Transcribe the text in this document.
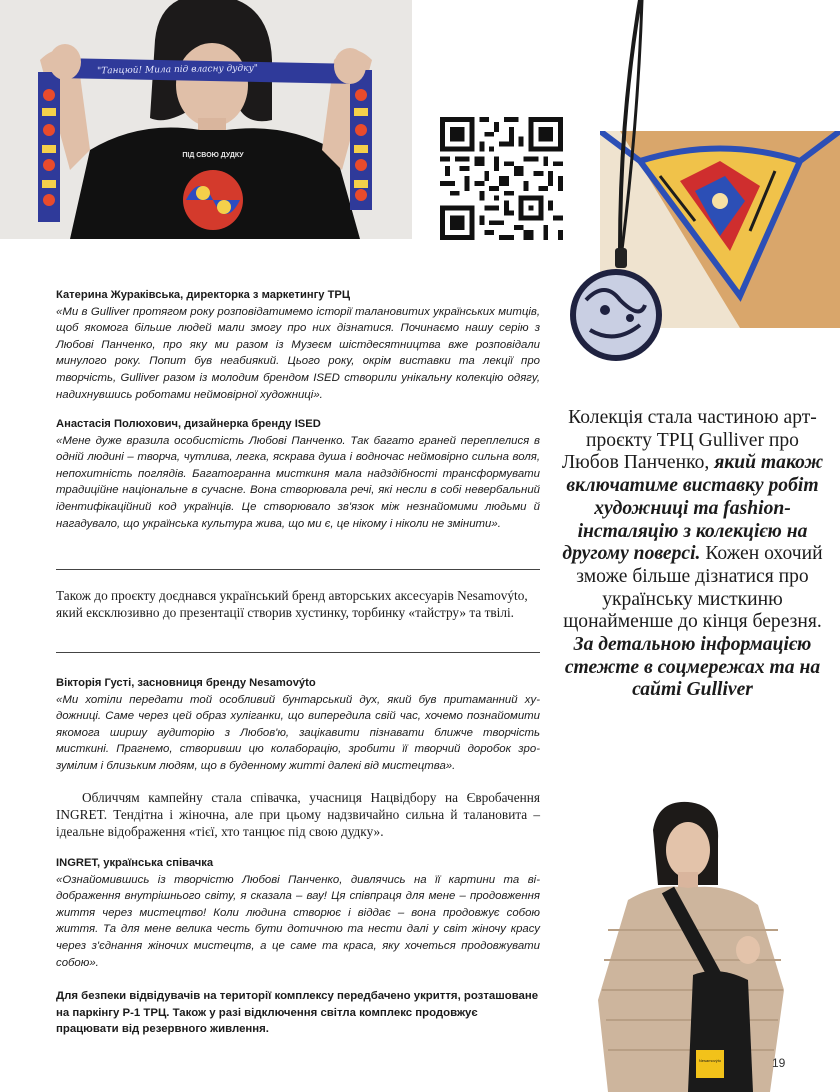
"Танцюй! Мила під власну дудку"
ПІД СВОЮ ДУДКУ
Катерина Жураківська, директорка з маркетингу ТРЦ
«Ми в Gulliver протягом року розповідатимемо історії талановитих українських митців, щоб якомога більше людей мали змогу про них дізнатися. Починаємо нашу серію з Любові Панченко, про яку ми разом із Музеєм шістдесятництва вже розповідали минулого року. Попит був неабиякий. Цього року, окрім виставки та лекції про творчість, Gulliver разом із молодим брендом ISED створили унікальну колекцію одягу, надихнувшись роботами неймовірної художниці».
Анастасія Полюхович, дизайнерка бренду ISED
«Мене дуже вразила особистість Любові Панченко. Так багато граней переплелися в одній людині – творча, чутлива, легка, яскрава душа і водночас неймовірно сильна воля, непохитність поглядів. Багатогранна мисткиня мала надздібності трансформувати традиційне національне в сучасне. Вона створювала речі, які несли в собі невербальний ідентифікаційний код українців. Це створювало зв'язок між незнайомими людьми й нагадувало, що українська культура жива, що ми є, це нікому і ніколи не змінити».
Також до проєкту доєднався український бренд авторських аксесуарів Nesamovýto, який ексклюзивно до презентації створив хустинку, торбинку «тайстру» та твілі.
Вікторія Густі, засновниця бренду Nesamovýto
«Ми хотіли передати той особливий бунтарський дух, який був притаманний художниці. Саме через цей образ хуліганки, що випередила свій час, хочемо познайомити якомога ширшу аудиторію з Любов'ю, зацікавити пізнавати ближче творчість мисткині. Прагнемо, створивши цю колаборацію, зробити її творчий доробок зрозумілим і близьким людям, що в буденному житті далекі від мистецтва».
Обличчям кампейну стала співачка, учасниця Нацвідбору на Євробачення INGRET. Тендітна і жіночна, але при цьому надзвичайно сильна й талановита – ідеальне відображення «тієї, хто танцює під свою дудку».
INGRET, українська співачка
«Ознайомившись із творчістю Любові Панченко, дивлячись на її картини та відображення внутрішнього світу, я сказала – вау! Ця співпраця для мене – продовження життя через мистецтво! Коли людина створює і віддає – вона продовжує собою життя. Та для мене велика честь бути дотичною та нести далі у світ жіночу красу через з'єднання жіночих мистецтв, а це саме та краса, яку хочеться продовжувати собою».
Для безпеки відвідувачів на території комплексу передбачено укриття, розташоване на паркінгу Р-1 ТРЦ. Також у разі відключення світла комплекс продовжує працювати від резервного живлення.
Колекція стала частиною арт-проєкту ТРЦ Gulliver про Любов Панченко, який також включатиме виставку робіт художниці та fashion-інсталяцію з колекцією на другому поверсі. Кожен охочий зможе більше дізнатися про українську мисткиню щонайменше до кінця березня. За детальною інформацією стежте в соцмережах та на сайті Gulliver
Nesamovýto	19
